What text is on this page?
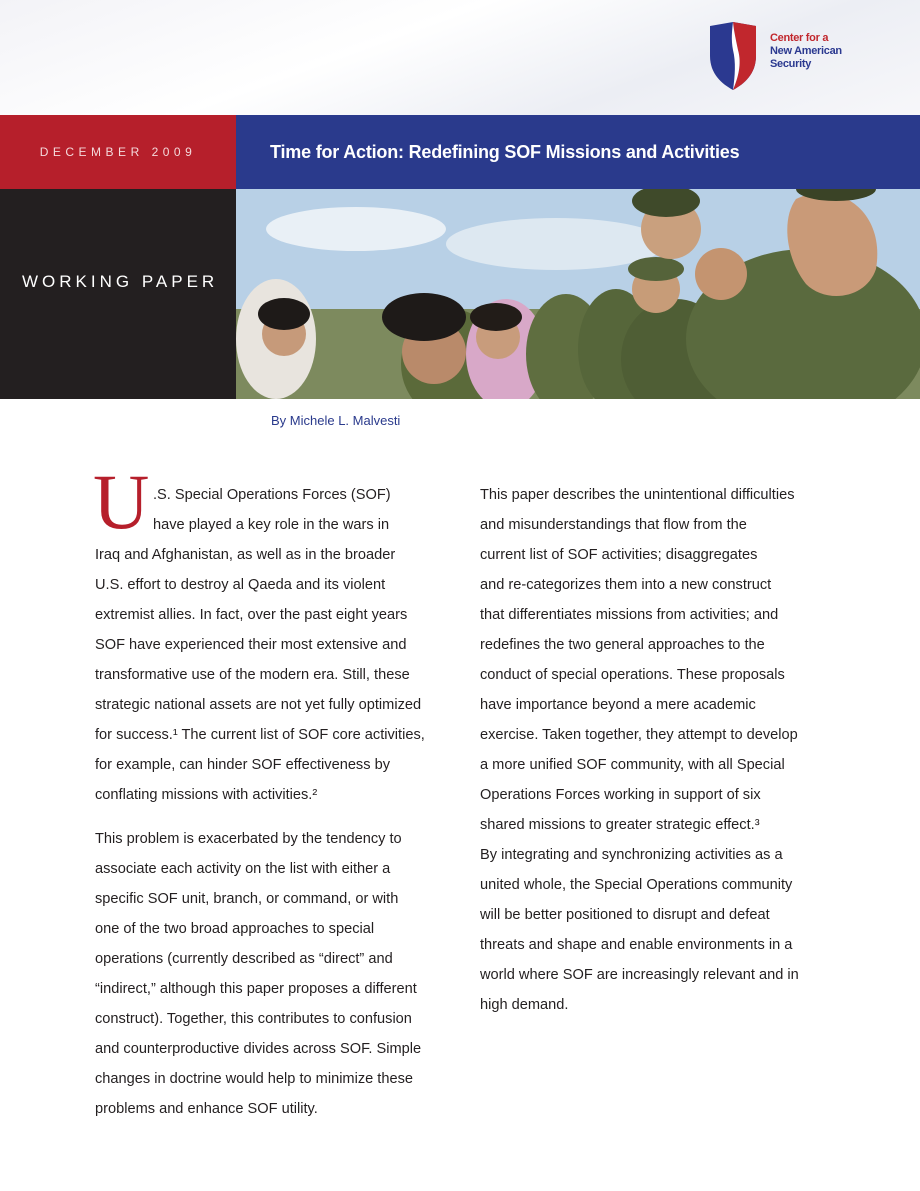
Center for a
New American
Security
DECEMBER 2009	Time for Action: Redefining SOF Missions and Activities
WORKING PAPER
By Michele L. Malvesti
U .S. Special Operations Forces (SOF)
have played a key role in the wars in
Iraq and Afghanistan, as well as in the broader
U.S. effort to destroy al Qaeda and its violent
extremist allies. In fact, over the past eight years
SOF have experienced their most extensive and
transformative use of the modern era. Still, these
strategic national assets are not yet fully optimized
for success.¹ The current list of SOF core activities,
for example, can hinder SOF effectiveness by
conflating missions with activities.²
This problem is exacerbated by the tendency to
associate each activity on the list with either a
specific SOF unit, branch, or command, or with
one of the two broad approaches to special
operations (currently described as “direct” and
“indirect,” although this paper proposes a different
construct). Together, this contributes to confusion
and counterproductive divides across SOF. Simple
changes in doctrine would help to minimize these
problems and enhance SOF utility.
This paper describes the unintentional difficulties
and misunderstandings that flow from the
current list of SOF activities; disaggregates
and re-categorizes them into a new construct
that differentiates missions from activities; and
redefines the two general approaches to the
conduct of special operations. These proposals
have importance beyond a mere academic
exercise. Taken together, they attempt to develop
a more unified SOF community, with all Special
Operations Forces working in support of six
shared missions to greater strategic effect.³
By integrating and synchronizing activities as a
united whole, the Special Operations community
will be better positioned to disrupt and defeat
threats and shape and enable environments in a
world where SOF are increasingly relevant and in
high demand.
